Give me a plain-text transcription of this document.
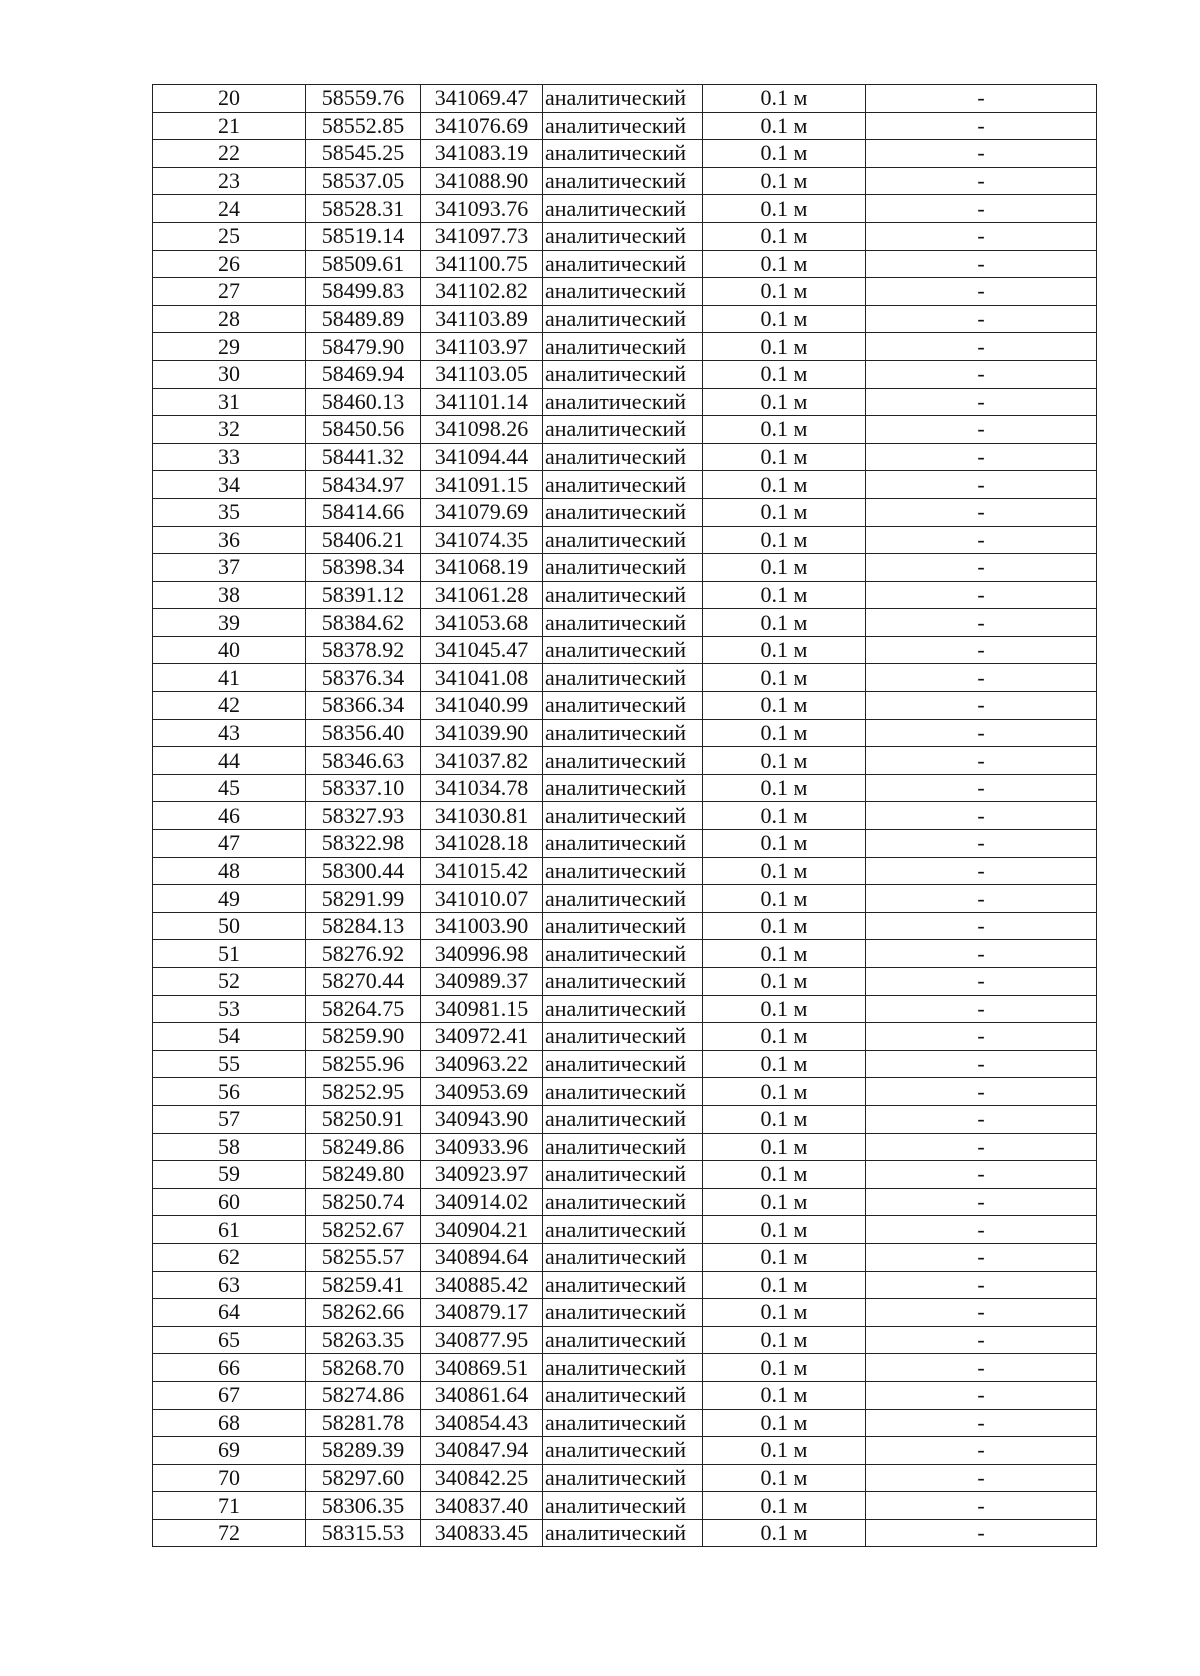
20	58559.76	341069.47	аналитический	0.1 м	-
21	58552.85	341076.69	аналитический	0.1 м	-
22	58545.25	341083.19	аналитический	0.1 м	-
23	58537.05	341088.90	аналитический	0.1 м	-
24	58528.31	341093.76	аналитический	0.1 м	-
25	58519.14	341097.73	аналитический	0.1 м	-
26	58509.61	341100.75	аналитический	0.1 м	-
27	58499.83	341102.82	аналитический	0.1 м	-
28	58489.89	341103.89	аналитический	0.1 м	-
29	58479.90	341103.97	аналитический	0.1 м	-
30	58469.94	341103.05	аналитический	0.1 м	-
31	58460.13	341101.14	аналитический	0.1 м	-
32	58450.56	341098.26	аналитический	0.1 м	-
33	58441.32	341094.44	аналитический	0.1 м	-
34	58434.97	341091.15	аналитический	0.1 м	-
35	58414.66	341079.69	аналитический	0.1 м	-
36	58406.21	341074.35	аналитический	0.1 м	-
37	58398.34	341068.19	аналитический	0.1 м	-
38	58391.12	341061.28	аналитический	0.1 м	-
39	58384.62	341053.68	аналитический	0.1 м	-
40	58378.92	341045.47	аналитический	0.1 м	-
41	58376.34	341041.08	аналитический	0.1 м	-
42	58366.34	341040.99	аналитический	0.1 м	-
43	58356.40	341039.90	аналитический	0.1 м	-
44	58346.63	341037.82	аналитический	0.1 м	-
45	58337.10	341034.78	аналитический	0.1 м	-
46	58327.93	341030.81	аналитический	0.1 м	-
47	58322.98	341028.18	аналитический	0.1 м	-
48	58300.44	341015.42	аналитический	0.1 м	-
49	58291.99	341010.07	аналитический	0.1 м	-
50	58284.13	341003.90	аналитический	0.1 м	-
51	58276.92	340996.98	аналитический	0.1 м	-
52	58270.44	340989.37	аналитический	0.1 м	-
53	58264.75	340981.15	аналитический	0.1 м	-
54	58259.90	340972.41	аналитический	0.1 м	-
55	58255.96	340963.22	аналитический	0.1 м	-
56	58252.95	340953.69	аналитический	0.1 м	-
57	58250.91	340943.90	аналитический	0.1 м	-
58	58249.86	340933.96	аналитический	0.1 м	-
59	58249.80	340923.97	аналитический	0.1 м	-
60	58250.74	340914.02	аналитический	0.1 м	-
61	58252.67	340904.21	аналитический	0.1 м	-
62	58255.57	340894.64	аналитический	0.1 м	-
63	58259.41	340885.42	аналитический	0.1 м	-
64	58262.66	340879.17	аналитический	0.1 м	-
65	58263.35	340877.95	аналитический	0.1 м	-
66	58268.70	340869.51	аналитический	0.1 м	-
67	58274.86	340861.64	аналитический	0.1 м	-
68	58281.78	340854.43	аналитический	0.1 м	-
69	58289.39	340847.94	аналитический	0.1 м	-
70	58297.60	340842.25	аналитический	0.1 м	-
71	58306.35	340837.40	аналитический	0.1 м	-
72	58315.53	340833.45	аналитический	0.1 м	-
